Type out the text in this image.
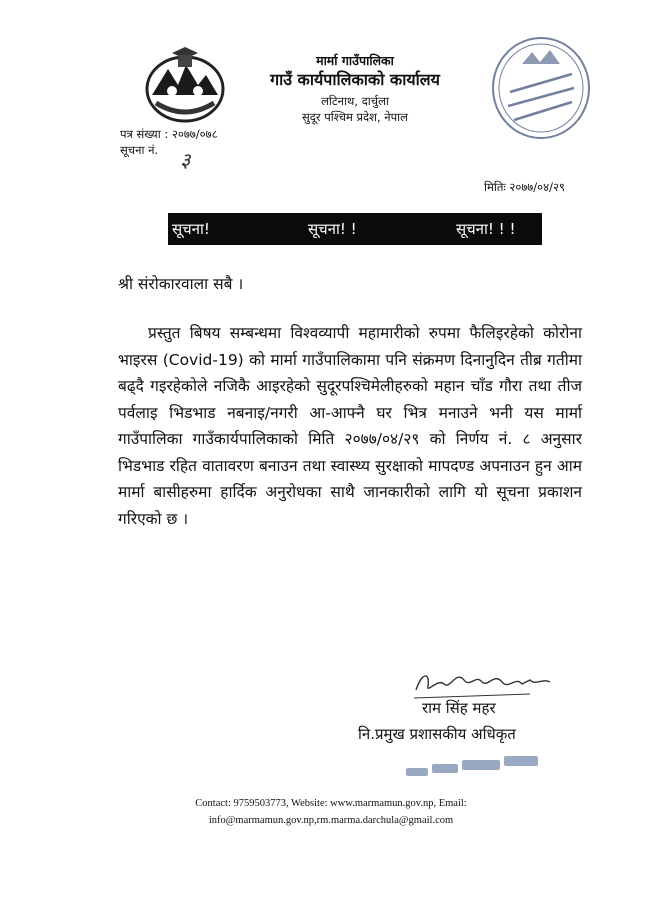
मार्मा गाउँपालिका
गाउँ कार्यपालिकाको कार्यालय
लटिनाथ, दार्चुला
सुदूर पश्चिम प्रदेश, नेपाल
पत्र संख्या : २०७७/०७८
सूचना नं. ३
मितिः २०७७/०४/२९
सूचना!	सूचना! !	सूचना! ! !
श्री संरोकारवाला सबै ।
प्रस्तुत बिषय सम्बन्धमा विश्वव्यापी महामारीको रुपमा फैलिइरहेको कोरोना भाइरस (Covid-19) को मार्मा गाउँपालिकामा पनि संक्रमण दिनानुदिन तीब्र गतीमा बढ्दै गइरहेकोले नजिकै आइरहेको सुदूरपश्चिमेलीहरुको महान चाँड गौरा तथा तीज पर्वलाइ भिडभाड नबनाइ/नगरी आ-आफ्नै घर भित्र मनाउने भनी यस मार्मा गाउँपालिका गाउँकार्यपालिकाको मिति २०७७/०४/२९ को निर्णय नं. ८ अनुसार भिडभाड रहित वातावरण बनाउन तथा स्वास्थ्य सुरक्षाको मापदण्ड अपनाउन हुन आम मार्मा बासीहरुमा हार्दिक अनुरोधका साथै जानकारीको लागि यो सूचना प्रकाशन गरिएको छ ।
राम सिंह महर
नि.प्रमुख प्रशासकीय अधिकृत
Contact: 9759503773, Website: www.marmamun.gov.np, Email:
info@marmamun.gov.np,rm.marma.darchula@gmail.com
